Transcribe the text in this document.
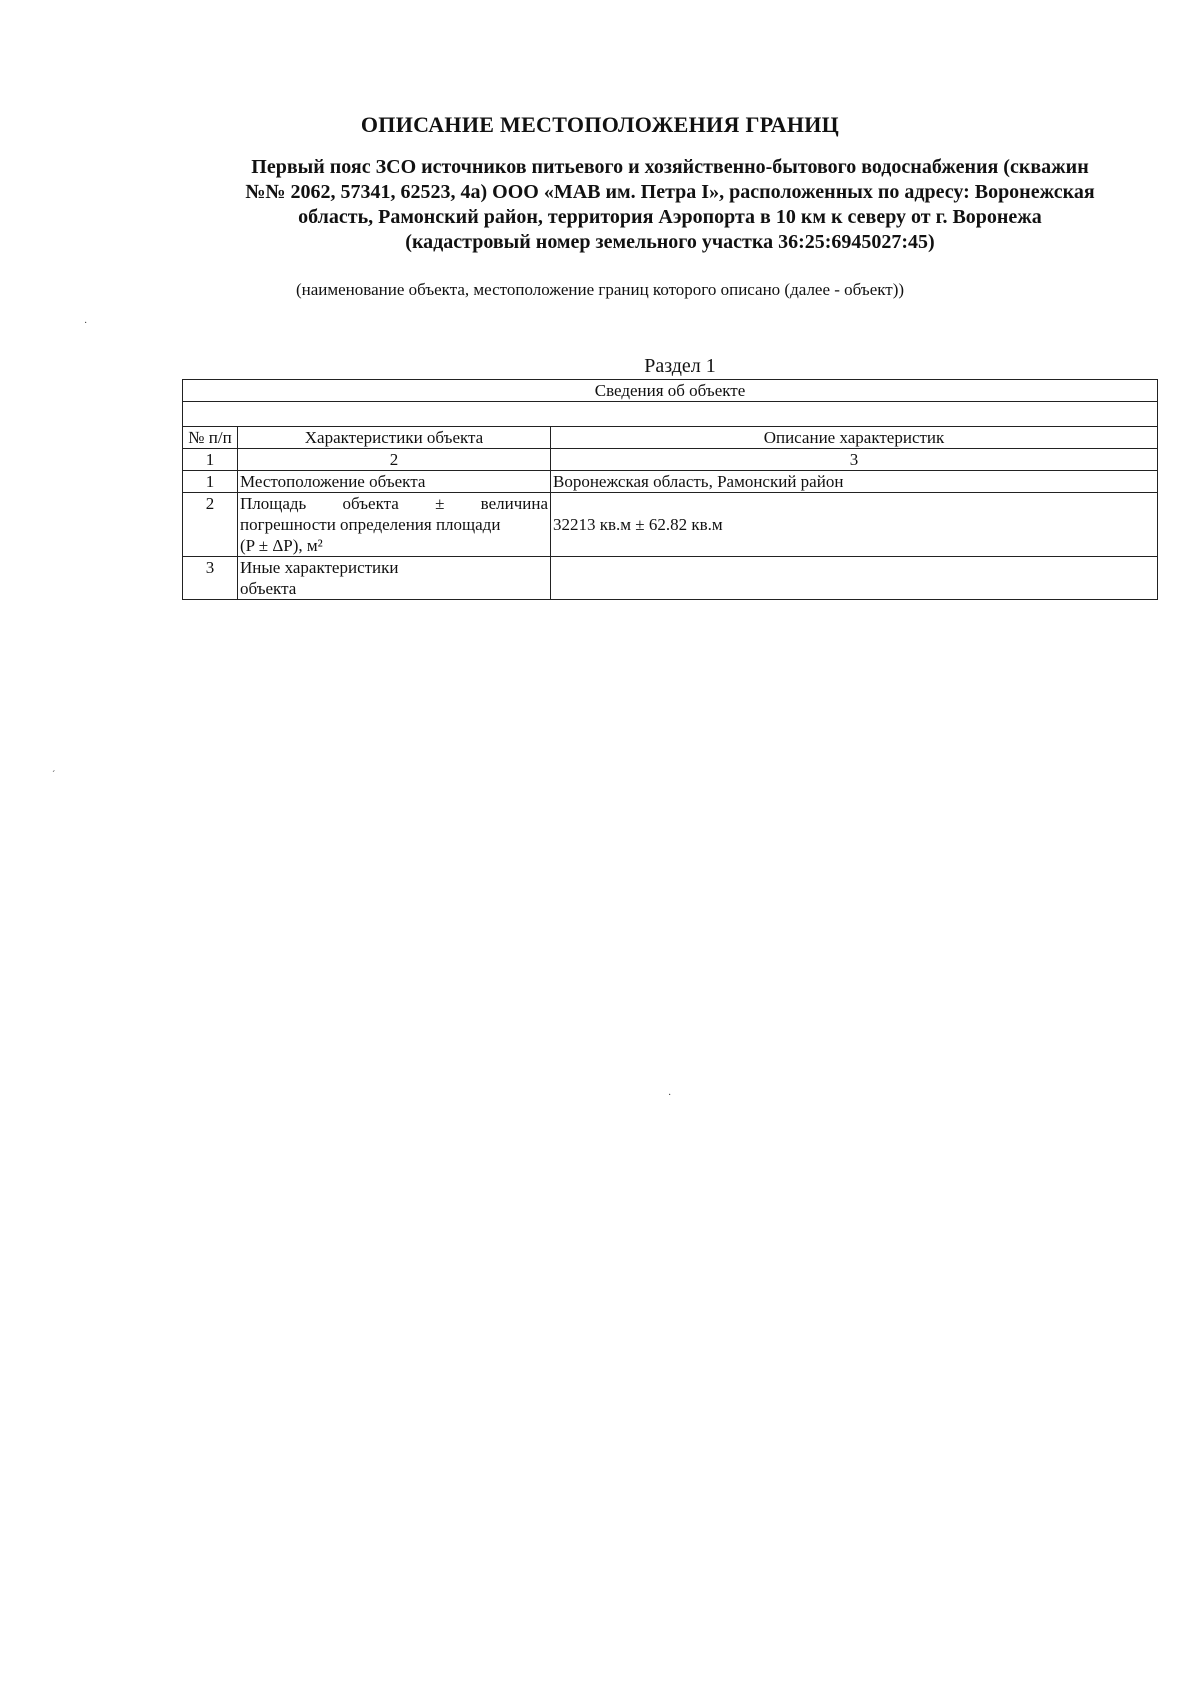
ОПИСАНИЕ МЕСТОПОЛОЖЕНИЯ ГРАНИЦ
Первый пояс ЗСО источников питьевого и хозяйственно-бытового водоснабжения (скважин
№№ 2062, 57341, 62523, 4а) ООО «МАВ им. Петра I», расположенных по адресу: Воронежская
область, Рамонский район, территория Аэропорта в 10 км к северу от г. Воронежа
(кадастровый номер земельного участка 36:25:6945027:45)
(наименование объекта, местоположение границ которого описано (далее - объект))
Раздел 1
·
´
·
Сведения об объекте		

№ п/п	Характеристики объекта	Описание характеристик
1	2	3
1	Местоположение объекта	Воронежская область, Рамонский район
2	Площадь объекта ± величина
погрешности определения площади
(P ± ΔP), м²	32213 кв.м ± 62.82 кв.м
3	Иные характеристики
объекта	
